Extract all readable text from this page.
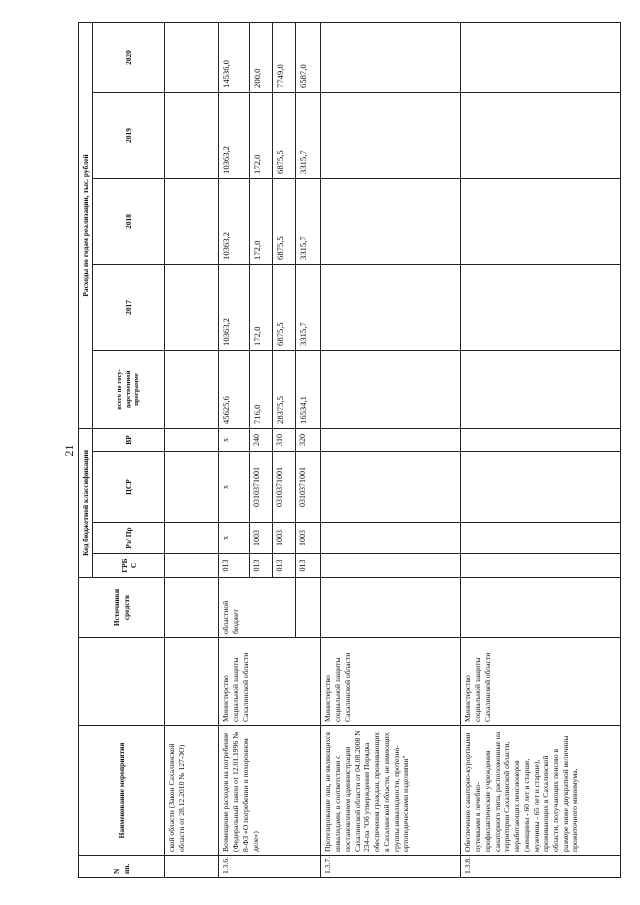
21
N пп.	Наименование мероприятия		Источники средств	Код бюджетной классификации				Расходы по годам реализации, тыс. рублей				
				ГРБ С	Рз/ Пр	ЦСР	ВР	всего по госу- дарственной программе	2017	2018	2019	2020
	ской области (Закон Сахалинской области от 28.12.2010 № 127-ЗО)											
1.3.6.	Возмещение расходов на погребение (Федеральный закон от 12.01.1996 № 8-ФЗ «О погребении и похоронном деле»)	Министерство социальной защиты Сахалинской области	областной бюджет	013	x	x	x	45625,6	10363,2	10363,2	10363,2	14536,0
				013	1003	0310371001	240	716,0	172,0	172,0	172,0	200,0
				013	1003	0310371001	310	28375,5	6875,5	6875,5	6875,5	7749,0
				013	1003	0310371001	320	16534,1	3315,7	3315,7	3315,7	6587,0
1.3.7.	Протезирование лиц, не являющихся инвалидами, в соответствии с постановлением администрации Сахалинской области от 04.08.2008 N 234-па "Об утверждении Порядка обеспечения граждан, проживающих в Сахалинской области, не имеющих группы инвалидности, протезно-ортопедическими изделиями"	Министерство социальной защиты Сахалинской области										
1.3.8.	Обеспечение санаторно-курортными путевками в лечебно-профилактические учреждения санаторного типа, расположенные на территории Сахалинской области, неработающих пенсионеров (женщины - 60 лет и старше, мужчины - 65 лет и старше), проживающих в Сахалинской области, получающих пенсию в размере ниже двукратной величины прожиточного минимума,	Министерство социальной защиты Сахалинской области										
